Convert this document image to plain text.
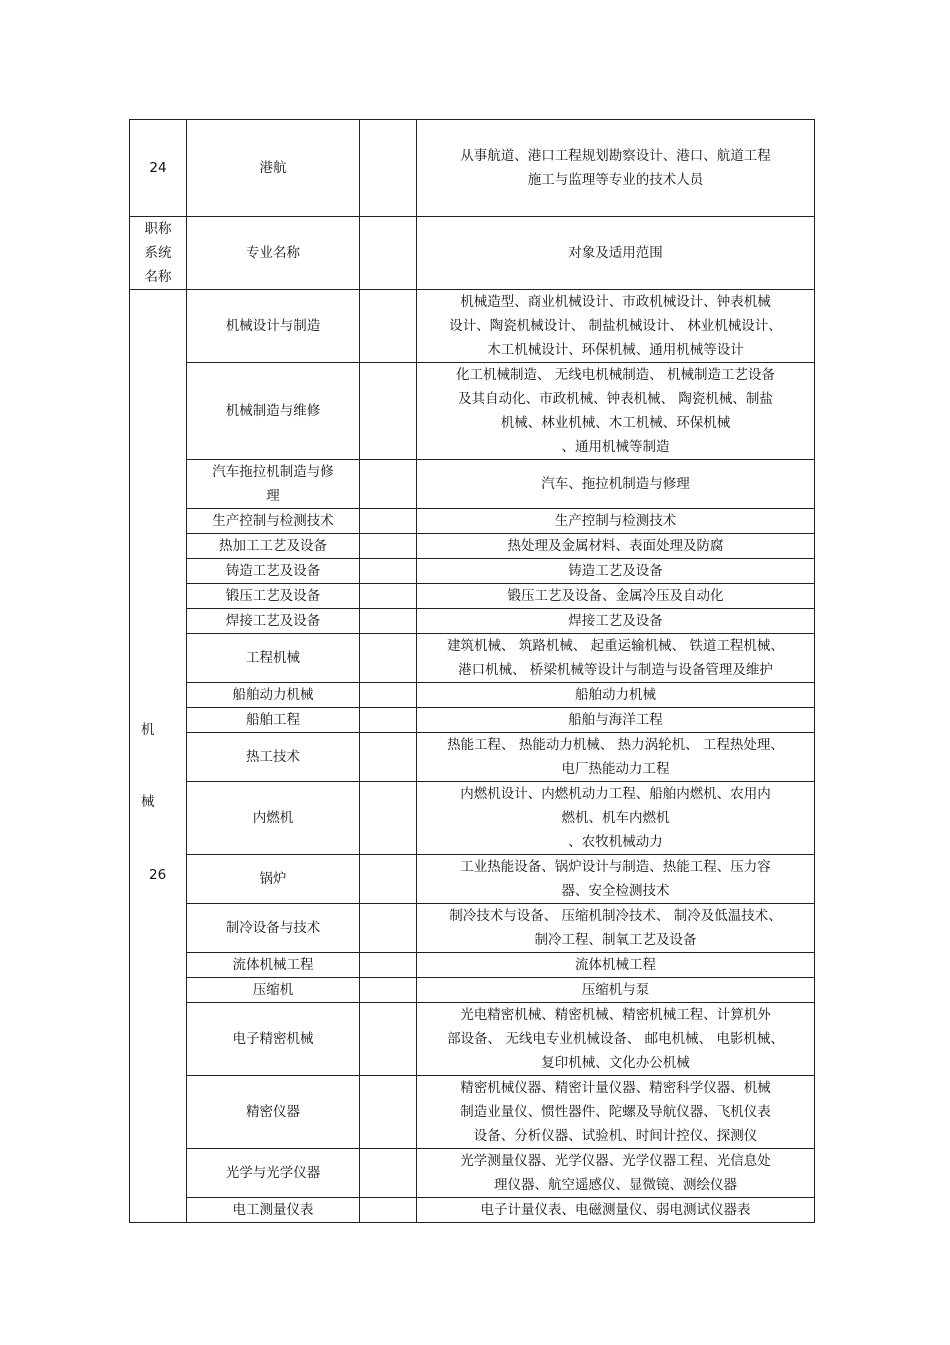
24	港航		从事航道、港口工程规划勘察设计、港口、航道工程
施工与监理等专业的技术人员

职称
系统
名称	专业名称		对象及适用范围

机
械
26	机械设计与制造		机械造型、商业机械设计、市政机械设计、钟表机械
设计、陶瓷机械设计、 制盐机械设计、 林业机械设计、
木工机械设计、环保机械、通用机械等设计

	机械制造与维修		化工机械制造、 无线电机械制造、 机械制造工艺设备
及其自动化、市政机械、钟表机械、 陶瓷机械、制盐
机械、林业机械、木工机械、环保机械
、通用机械等制造

	汽车拖拉机制造与修
理		汽车、拖拉机制造与修理

	生产控制与检测技术		生产控制与检测技术

	热加工工艺及设备		热处理及金属材料、表面处理及防腐

	铸造工艺及设备		铸造工艺及设备

	锻压工艺及设备		锻压工艺及设备、金属冷压及自动化

	焊接工艺及设备		焊接工艺及设备

	工程机械		建筑机械、 筑路机械、 起重运输机械、 铁道工程机械、
港口机械、 桥梁机械等设计与制造与设备管理及维护

	船舶动力机械		船舶动力机械

	船舶工程		船舶与海洋工程

	热工技术		热能工程、 热能动力机械、 热力涡轮机、 工程热处理、
电厂热能动力工程

	内燃机		内燃机设计、内燃机动力工程、船舶内燃机、农用内
燃机、机车内燃机
、农牧机械动力

	锅炉		工业热能设备、锅炉设计与制造、热能工程、压力容
器、安全检测技术

	制冷设备与技术		制冷技术与设备、 压缩机制冷技术、 制冷及低温技术、
制冷工程、制氧工艺及设备

	流体机械工程		流体机械工程

	压缩机		压缩机与泵

	电子精密机械		光电精密机械、精密机械、精密机械工程、计算机外
部设备、 无线电专业机械设备、 邮电机械、 电影机械、
复印机械、文化办公机械

	精密仪器		精密机械仪器、精密计量仪器、精密科学仪器、机械
制造业量仪、惯性器件、陀螺及导航仪器、飞机仪表
设备、分析仪器、试验机、时间计控仪、探测仪

	光学与光学仪器		光学测量仪器、光学仪器、光学仪器工程、光信息处
理仪器、航空遥感仪、显微镜、测绘仪器

	电工测量仪表		电子计量仪表、电磁测量仪、弱电测试仪器表
